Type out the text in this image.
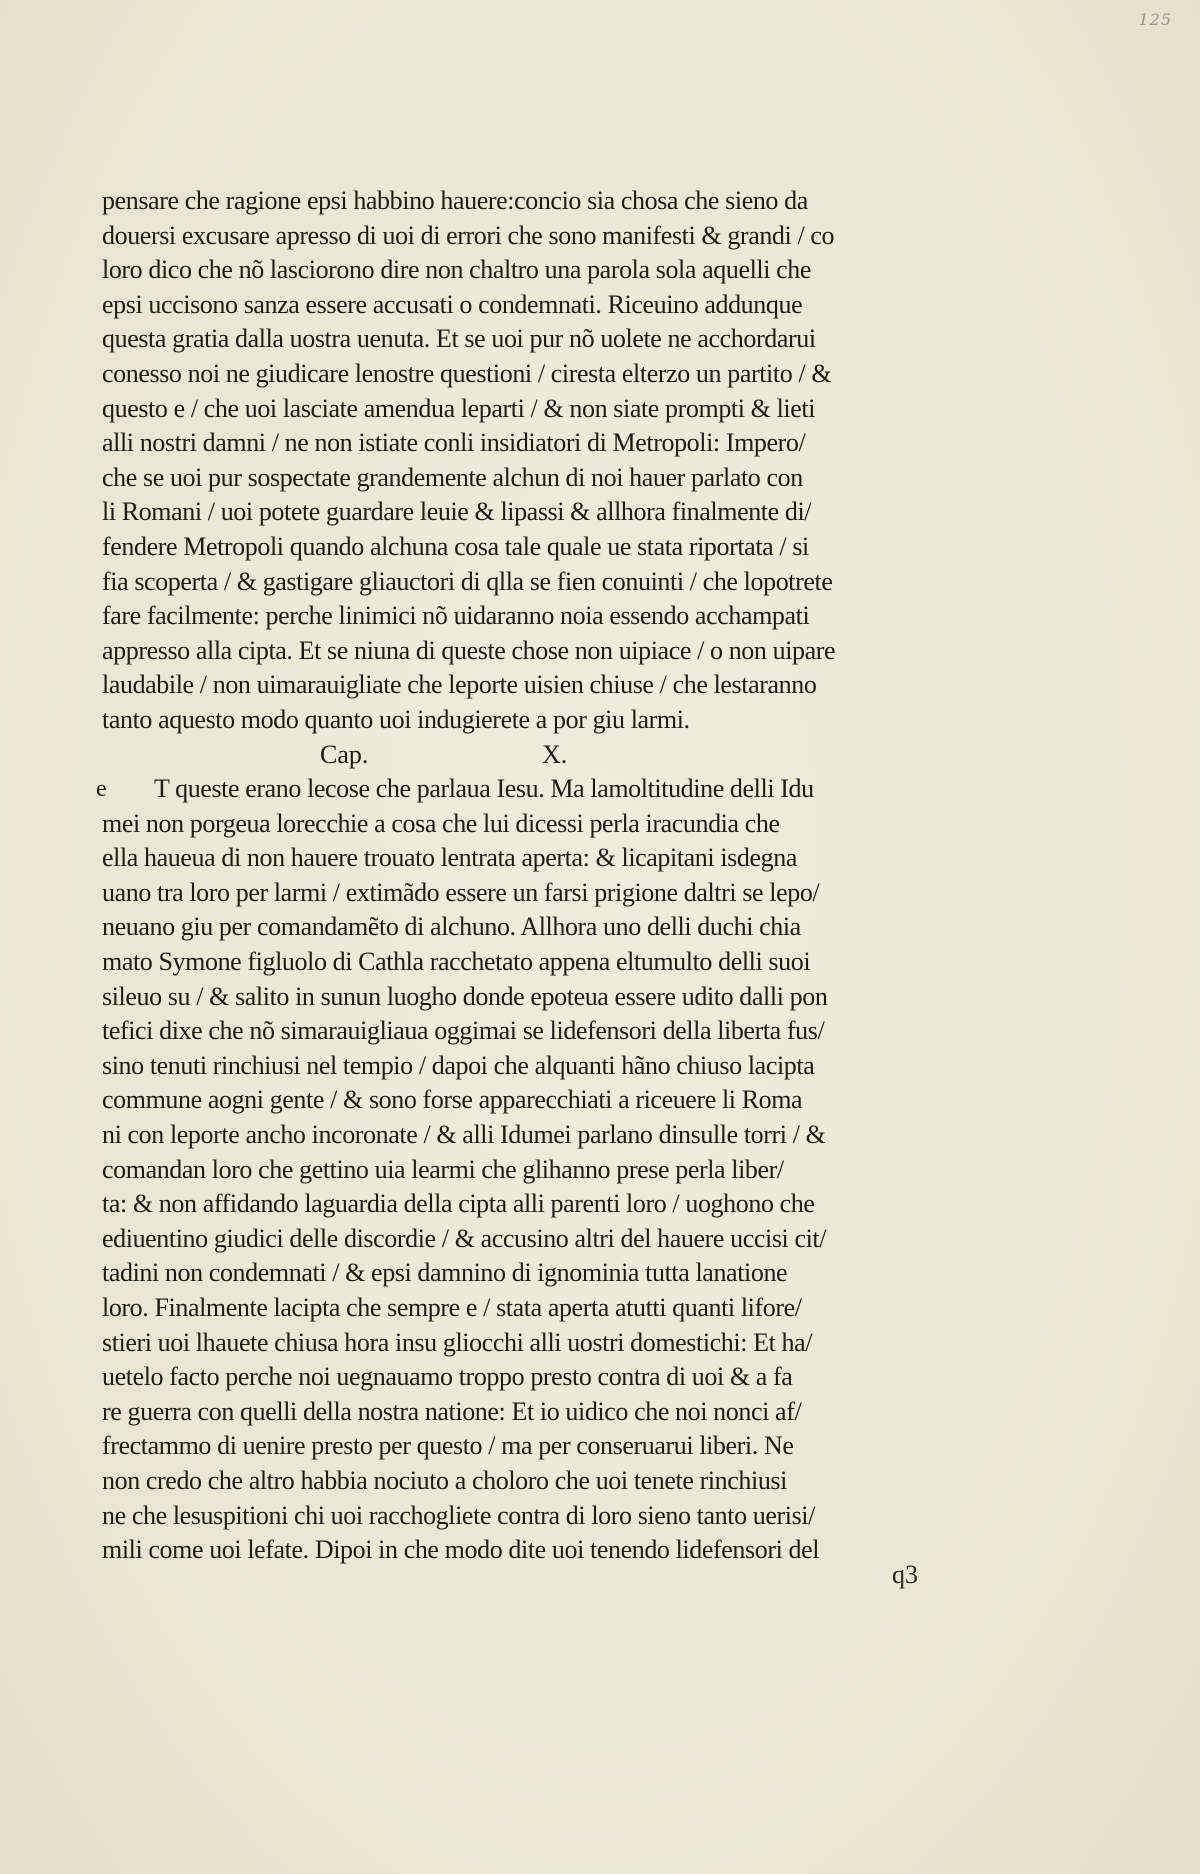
125
pensare che ragione epsi habbino hauere:concio sia chosa che sieno da
douersi excusare apresso di uoi di errori che sono manifesti & grandi / co
loro dico che nõ lasciorono dire non chaltro una parola sola aquelli che
epsi uccisono sanza essere accusati o condemnati. Riceuino addunque
questa gratia dalla uostra uenuta. Et se uoi pur nõ uolete ne acchordarui
conesso noi ne giudicare lenostre questioni / ciresta elterzo un partito / &
questo e / che uoi lasciate amendua leparti / & non siate prompti & lieti
alli nostri damni / ne non istiate conli insidiatori di Metropoli: Impero/
che se uoi pur sospectate grandemente alchun di noi hauer parlato con
li Romani / uoi potete guardare leuie & lipassi & allhora finalmente di/
fendere Metropoli quando alchuna cosa tale quale ue stata riportata / si
fia scoperta / & gastigare gliauctori di qlla se fien conuinti / che lopotrete
fare facilmente: perche linimici nõ uidaranno noia essendo acchampati
appresso alla cipta. Et se niuna di queste chose non uipiace / o non uipare
laudabile / non uimarauigliate che leporte uisien chiuse / che lestaranno
tanto aquesto modo quanto uoi indugierete a por giu larmi.
Cap.	X.
e T queste erano lecose che parlaua Iesu. Ma lamoltitudine delli Idu
mei non porgeua lorecchie a cosa che lui dicessi perla iracundia che
ella haueua di non hauere trouato lentrata aperta: & licapitani isdegna
uano tra loro per larmi / extimãdo essere un farsi prigione daltri se lepo/
neuano giu per comandamẽto di alchuno. Allhora uno delli duchi chia
mato Symone figluolo di Cathla racchetato appena eltumulto delli suoi
sileuo su / & salito in sunun luogho donde epoteua essere udito dalli pon
tefici dixe che nõ simarauigliaua oggimai se lidefensori della liberta fus/
sino tenuti rinchiusi nel tempio / dapoi che alquanti hãno chiuso lacipta
commune aogni gente / & sono forse apparecchiati a riceuere li Roma
ni con leporte ancho incoronate / & alli Idumei parlano dinsulle torri / &
comandan loro che gettino uia learmi che glihanno prese perla liber/
ta: & non affidando laguardia della cipta alli parenti loro / uoghono che
ediuentino giudici delle discordie / & accusino altri del hauere uccisi cit/
tadini non condemnati / & epsi damnino di ignominia tutta lanatione
loro. Finalmente lacipta che sempre e / stata aperta atutti quanti lifore/
stieri uoi lhauete chiusa hora insu gliocchi alli uostri domestichi: Et ha/
uetelo facto perche noi uegnauamo troppo presto contra di uoi & a fa
re guerra con quelli della nostra natione: Et io uidico che noi nonci af/
frectammo di uenire presto per questo / ma per conseruarui liberi. Ne
non credo che altro habbia nociuto a choloro che uoi tenete rinchiusi
ne che lesuspitioni chi uoi racchogliete contra di loro sieno tanto uerisi/
mili come uoi lefate. Dipoi in che modo dite uoi tenendo lidefensori del
q3
